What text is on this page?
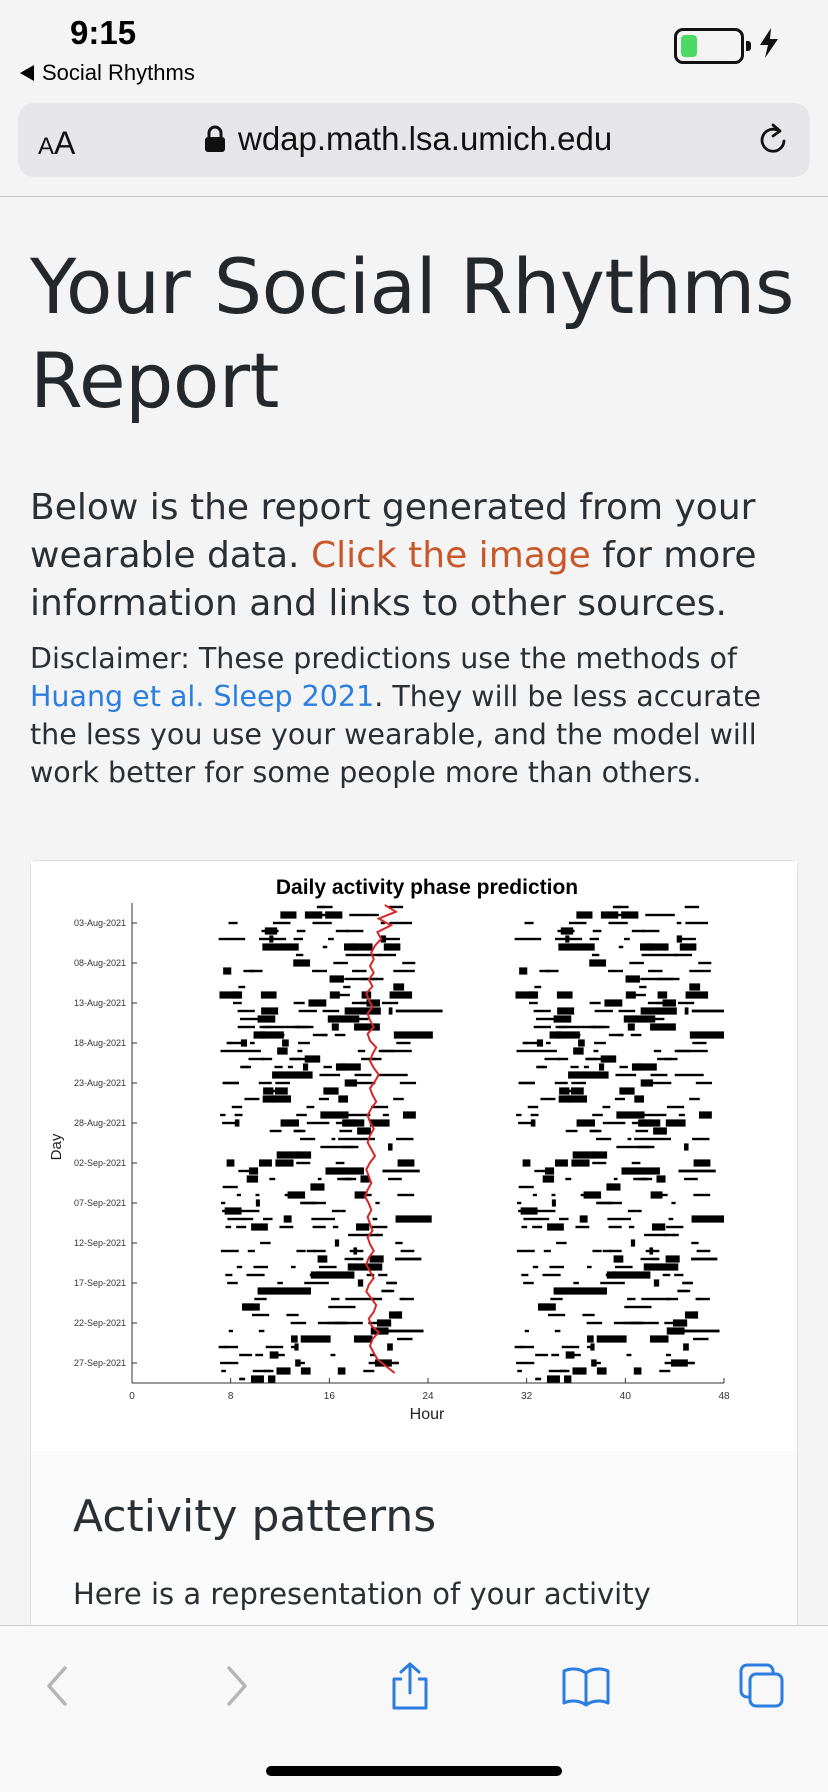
9:15
Social Rhythms
AA	wdap.math.lsa.umich.edu
Your Social Rhythms
Report

Below is the report generated from your wearable data. Click the image for more information and links to other sources.

Disclaimer: These predictions use the methods of Huang et al. Sleep 2021. They will be less accurate the less you use your wearable, and the model will work better for some people more than others.

Daily activity phase prediction
0	8	16	24	32	40	48
03-Aug-2021
08-Aug-2021
13-Aug-2021
18-Aug-2021
23-Aug-2021
28-Aug-2021
02-Sep-2021
07-Sep-2021
12-Sep-2021
17-Sep-2021
22-Sep-2021
27-Sep-2021
Hour
Day
Activity patterns
Here is a representation of your activity
